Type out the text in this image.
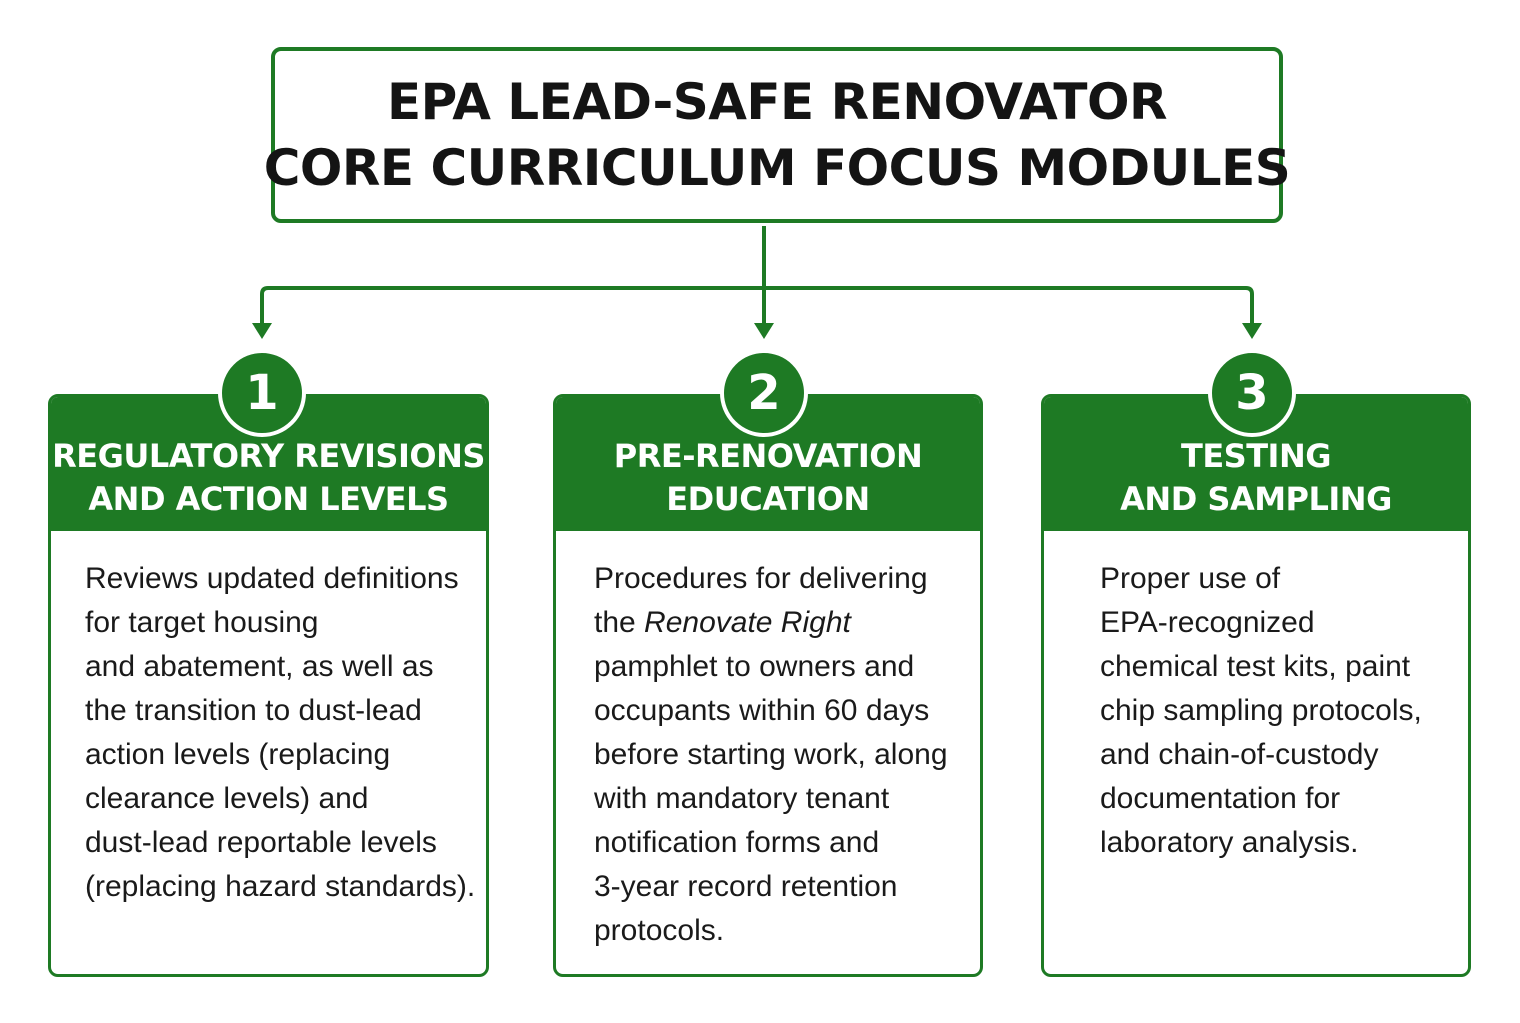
EPA LEAD-SAFE RENOVATOR
CORE CURRICULUM FOCUS MODULES
REGULATORY REVISIONS
AND ACTION LEVELS
Reviews updated definitions
for target housing
and abatement, as well as
the transition to dust-lead
action levels (replacing
clearance levels) and
dust-lead reportable levels
(replacing hazard standards).
PRE-RENOVATION
EDUCATION
Procedures for delivering
the Renovate Right
pamphlet to owners and
occupants within 60 days
before starting work, along
with mandatory tenant
notification forms and
3-year record retention
protocols.
TESTING
AND SAMPLING
Proper use of
EPA-recognized
chemical test kits, paint
chip sampling protocols,
and chain-of-custody
documentation for
laboratory analysis.
1	2	3
